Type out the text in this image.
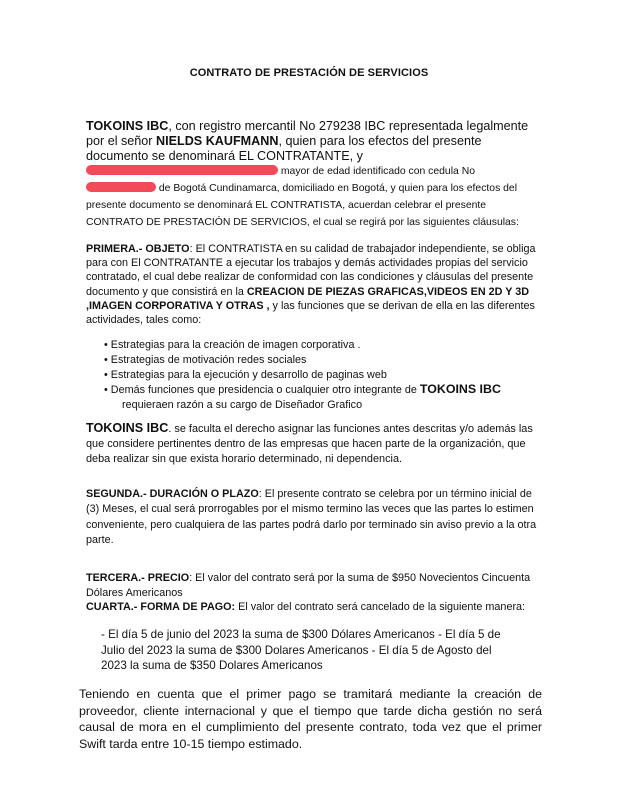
CONTRATO DE PRESTACIÓN DE SERVICIOS

TOKOINS IBC, con registro mercantil No 279238 IBC representada legalmente por el señor NIELDS KAUFMANN, quien para los efectos del presente documento se denominará EL CONTRATANTE, y  mayor de edad identificado con cedula No  de Bogotá Cundinamarca, domiciliado en Bogotá, y quien para los efectos del presente documento se denominará EL CONTRATISTA, acuerdan celebrar el presente CONTRATO DE PRESTACIÓN DE SERVICIOS, el cual se regirá por las siguientes cláusulas:

PRIMERA.- OBJETO: El CONTRATISTA en su calidad de trabajador independiente, se obliga para con El CONTRATANTE a ejecutar los trabajos y demás actividades propias del servicio contratado, el cual debe realizar de conformidad con las condiciones y cláusulas del presente documento y que consistirá en la CREACION DE PIEZAS GRAFICAS,VIDEOS EN 2D Y 3D ,IMAGEN CORPORATIVA Y OTRAS , y las funciones que se derivan de ella en las diferentes actividades, tales como:

• Estrategias para la creación de imagen corporativa .
• Estrategias de motivación redes sociales
• Estrategias para la ejecución y desarrollo de paginas web
• Demás funciones que presidencia o cualquier otro integrante de TOKOINS IBC
requieraen razón a su cargo de Diseñador Grafico

TOKOINS IBC. se faculta el derecho asignar las funciones antes descritas y/o además las que considere pertinentes dentro de las empresas que hacen parte de la organización, que deba realizar sin que exista horario determinado, ni dependencia.

SEGUNDA.- DURACIÓN O PLAZO: El presente contrato se celebra por un término inicial de (3) Meses, el cual será prorrogables por el mismo termino las veces que las partes lo estimen conveniente, pero cualquiera de las partes podrá darlo por terminado sin aviso previo a la otra parte.

TERCERA.- PRECIO: El valor del contrato será por la suma de $950 Novecientos Cincuenta Dólares Americanos

CUARTA.- FORMA DE PAGO: El valor del contrato será cancelado de la siguiente manera:

- El día 5 de junio del 2023 la suma de $300 Dólares Americanos - El día 5 de Julio del 2023 la suma de $300 Dolares Americanos - El día 5 de Agosto del 2023 la suma de $350 Dolares Americanos

Teniendo en cuenta que el primer pago se tramitará mediante la creación de proveedor, cliente internacional y que el tiempo que tarde dicha gestión no será causal de mora en el cumplimiento del presente contrato, toda vez que el primer Swift tarda entre 10-15 tiempo estimado.
